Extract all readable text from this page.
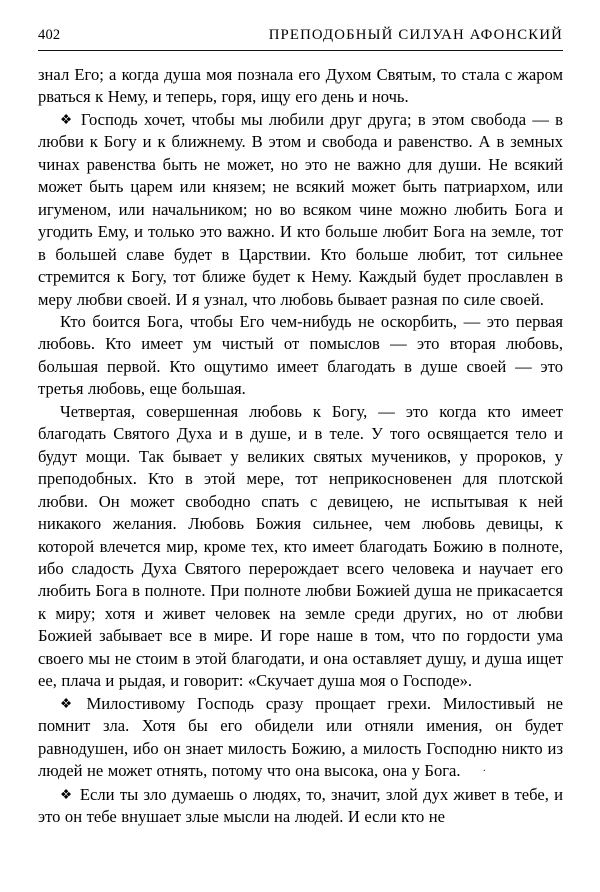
402	ПРЕПОДОБНЫЙ СИЛУАН АФОНСКИЙ

знал Его; а когда душа моя познала его Духом Святым, то стала с жаром рваться к Нему, и теперь, горя, ищу его день и ночь.

❖ Господь хочет, чтобы мы любили друг друга; в этом свобода — в любви к Богу и к ближнему. В этом и свобода и равенство. А в земных чинах равенства быть не может, но это не важно для души. Не всякий может быть царем или князем; не всякий может быть патриархом, или игуменом, или начальником; но во всяком чине можно любить Бога и угодить Ему, и только это важно. И кто больше любит Бога на земле, тот в большей славе будет в Царствии. Кто больше любит, тот сильнее стремится к Богу, тот ближе будет к Нему. Каждый будет прославлен в меру любви своей. И я узнал, что любовь бывает разная по силе своей.

Кто боится Бога, чтобы Его чем-нибудь не оскорбить, — это первая любовь. Кто имеет ум чистый от помыслов — это вторая любовь, большая первой. Кто ощутимо имеет благодать в душе своей — это третья любовь, еще большая.

Четвертая, совершенная любовь к Богу, — это когда кто имеет благодать Святого Духа и в душе, и в теле. У того освящается тело и будут мощи. Так бывает у великих святых мучеников, у пророков, у преподобных. Кто в этой мере, тот неприкосновенен для плотской любви. Он может свободно спать с девицею, не испытывая к ней никакого желания. Любовь Божия сильнее, чем любовь девицы, к которой влечется мир, кроме тех, кто имеет благодать Божию в полноте, ибо сладость Духа Святого перерождает всего человека и научает его любить Бога в полноте. При полноте любви Божией душа не прикасается к миру; хотя и живет человек на земле среди других, но от любви Божией забывает все в мире. И горе наше в том, что по гордости ума своего мы не стоим в этой благодати, и она оставляет душу, и душа ищет ее, плача и рыдая, и говорит: «Скучает душа моя о Господе».

❖ Милостивому Господь сразу прощает грехи. Милостивый не помнит зла. Хотя бы его обидели или отняли имения, он будет равнодушен, ибо он знает милость Божию, а милость Господню никто из людей не может отнять, потому что она высока, она у Бога. ·

❖ Если ты зло думаешь о людях, то, значит, злой дух живет в тебе, и это он тебе внушает злые мысли на людей. И если кто не
